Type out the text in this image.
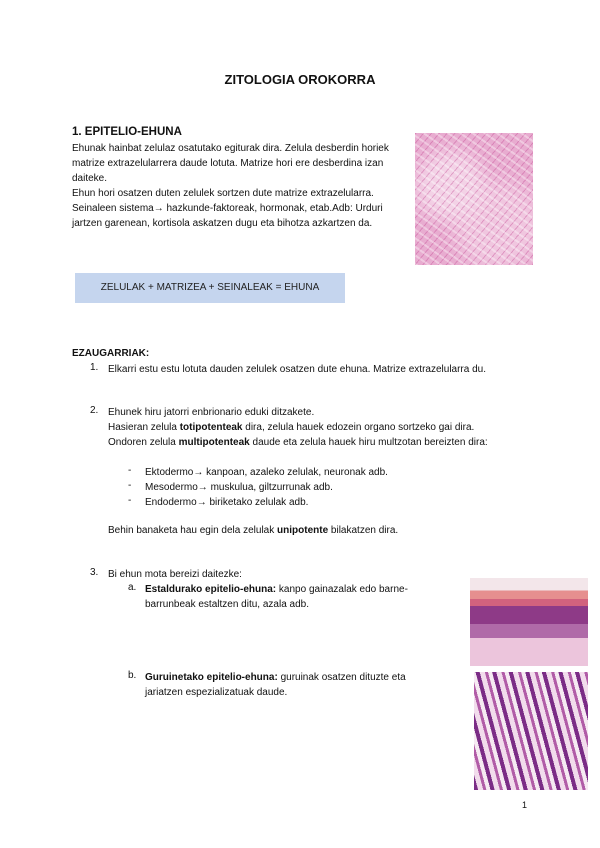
ZITOLOGIA OROKORRA
1. EPITELIO-EHUNA

Ehunak hainbat zelulaz osatutako egiturak dira. Zelula desberdin horiek matrize extrazelularrera daude lotuta. Matrize hori ere desberdina izan daiteke.

Ehun hori osatzen duten zelulek sortzen dute matrize extrazelularra.

Seinaleen sistema→ hazkunde-faktoreak, hormonak, etab.Adb: Urduri jartzen garenean, kortisola askatzen dugu eta bihotza azkartzen da.

ZELULAK + MATRIZEA + SEINALEAK = EHUNA
EZAUGARRIAK:
1. Elkarri estu estu lotuta dauden zelulek osatzen dute ehuna. Matrize extrazelularra du.
2. Ehunek hiru jatorri enbrionario eduki ditzakete.

Hasieran zelula totipotenteak dira, zelula hauek edozein organo sortzeko gai dira.

Ondoren zelula multipotenteak daude eta zelula hauek hiru multzotan bereizten dira:

- Ektodermo→ kanpoan, azaleko zelulak, neuronak adb.
- Mesodermo→ muskulua, giltzurrunak adb.
- Endodermo→ biriketako zelulak adb.
Behin banaketa hau egin dela zelulak unipotente bilakatzen dira.
3. Bi ehun mota bereizi daitezke:
a. Estaldurako epitelio-ehuna: kanpo gainazalak edo barne-barrunbeak estaltzen ditu, azala adb.
b. Guruinetako epitelio-ehuna: guruinak osatzen dituzte eta jariatzen espezializatuak daude.
1
